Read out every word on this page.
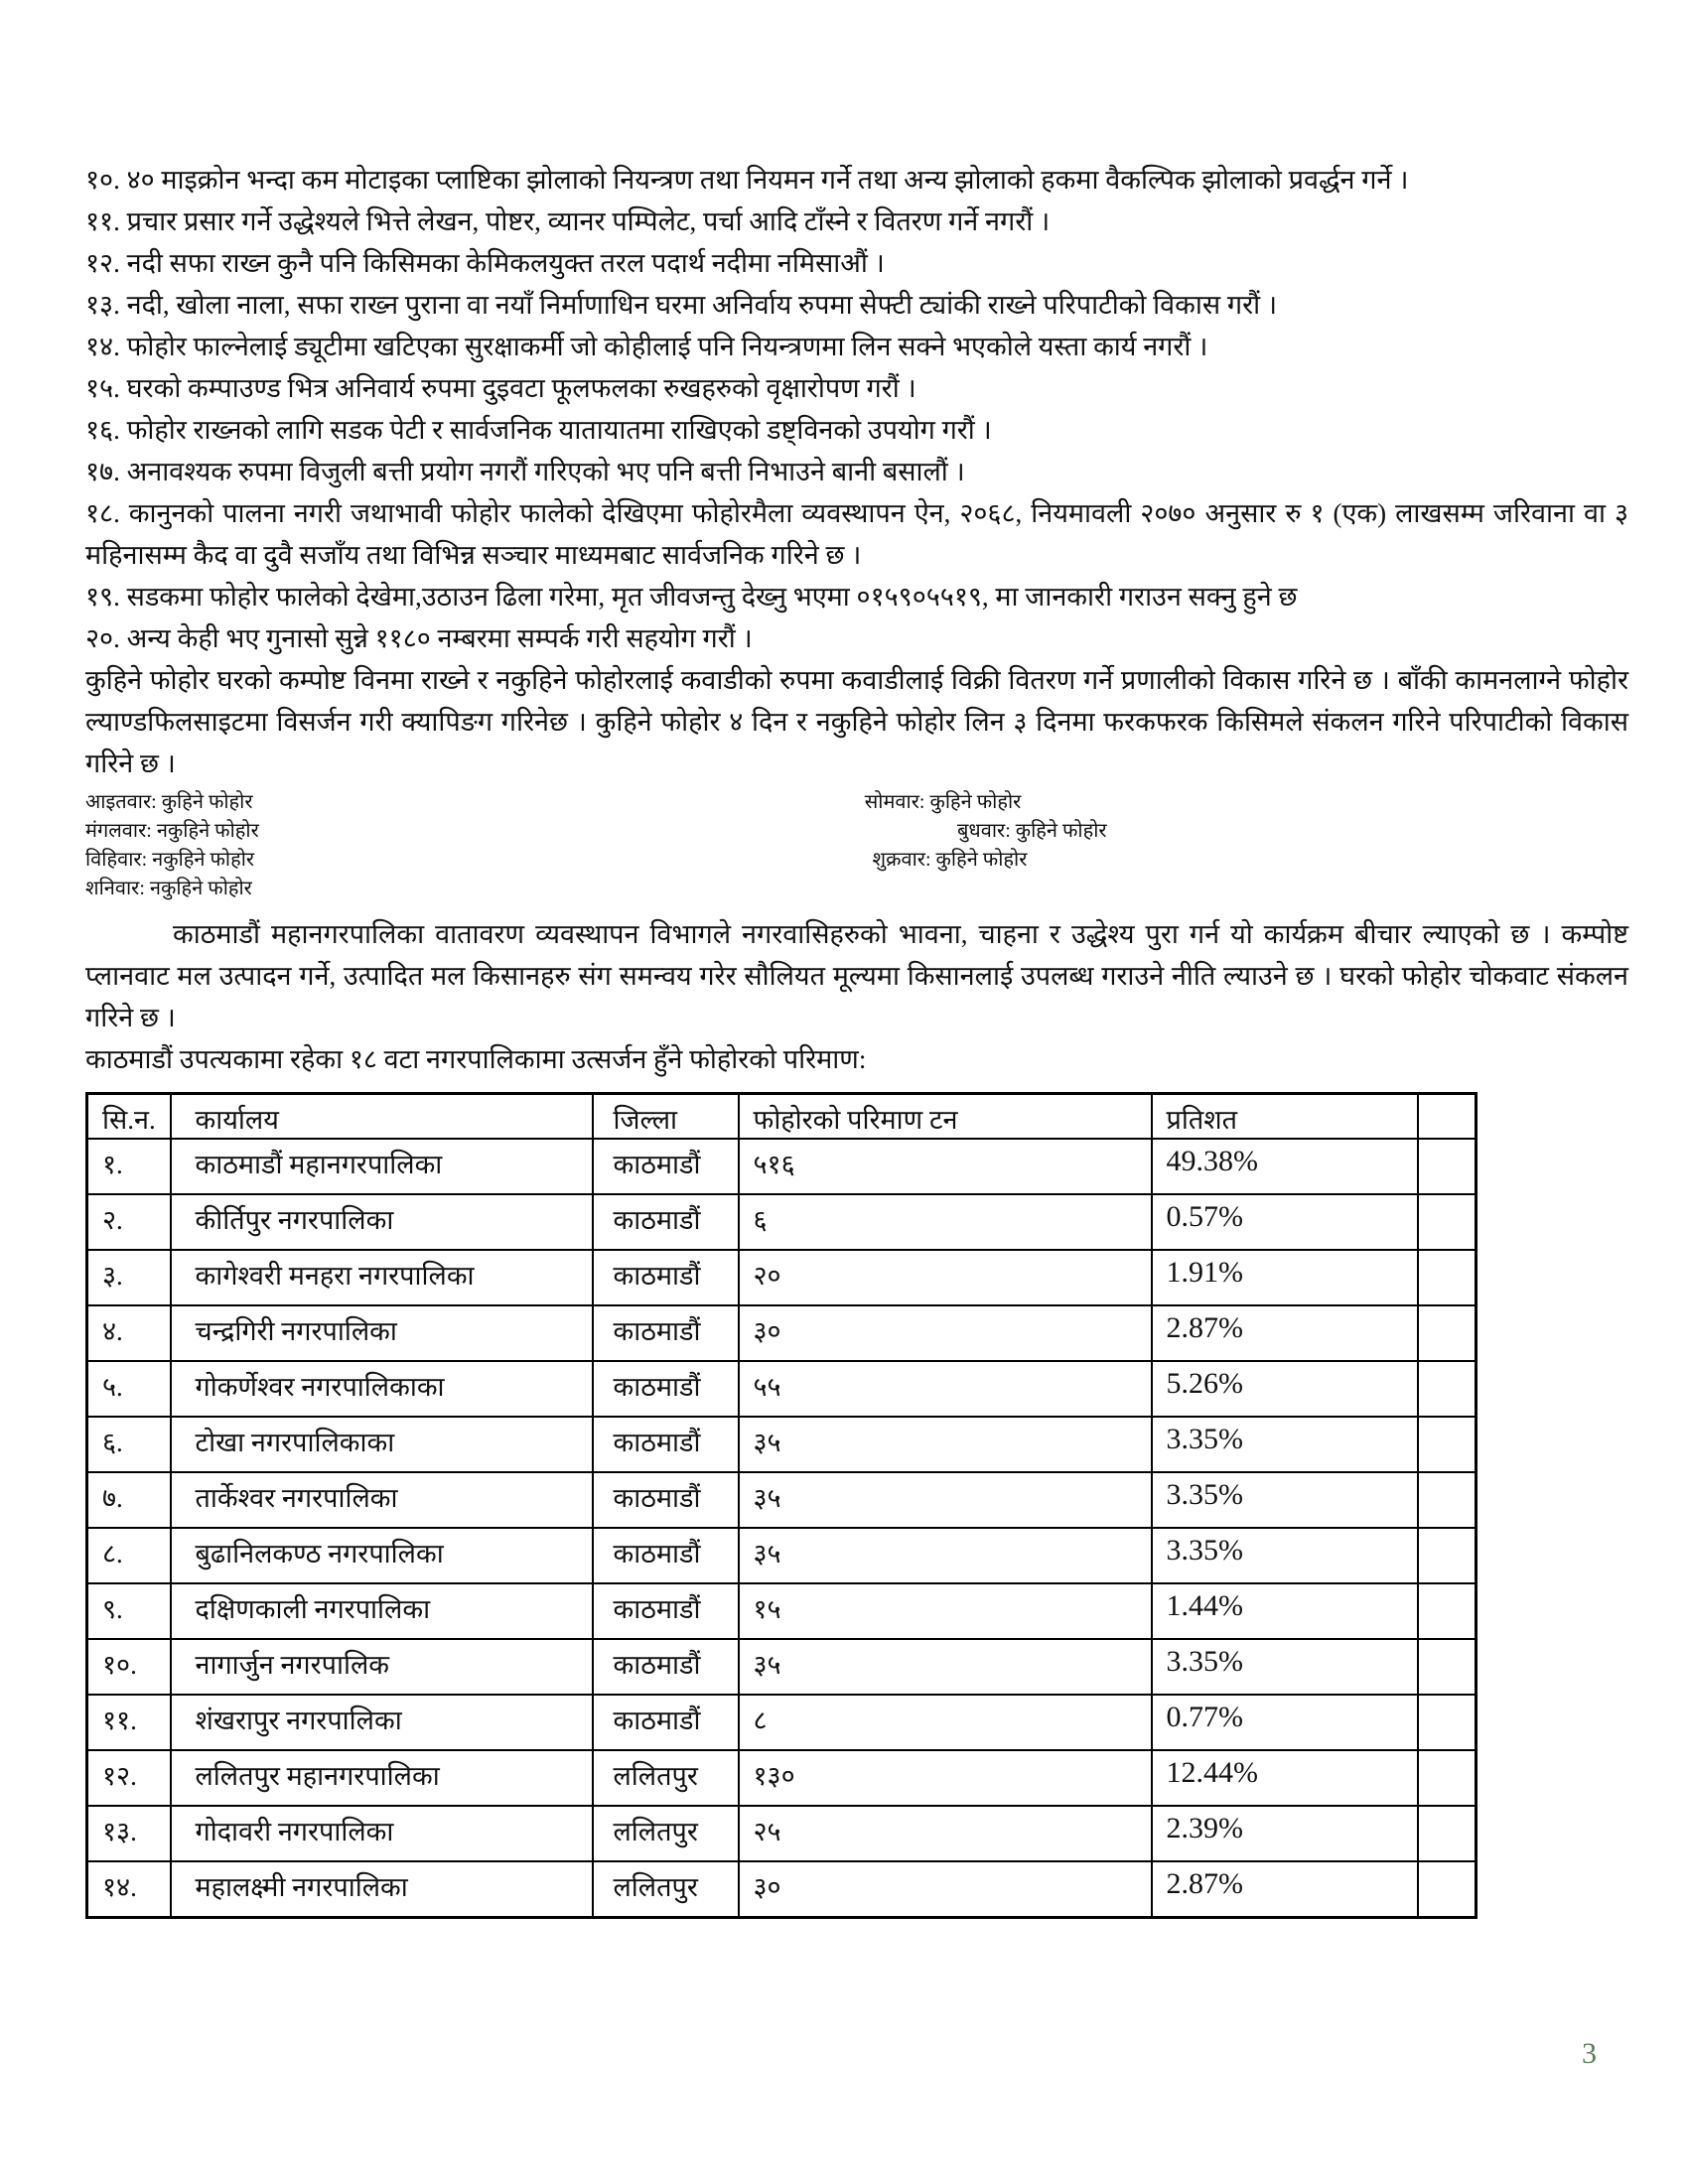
१०. ४० माइक्रोन भन्दा कम मोटाइका प्लाष्टिका झोलाको नियन्त्रण तथा नियमन गर्ने तथा अन्य झोलाको हकमा वैकल्पिक झोलाको प्रवर्द्धन गर्ने ।

११. प्रचार प्रसार गर्ने उद्धेश्यले भित्ते लेखन, पोष्टर, व्यानर पम्पिलेट, पर्चा आदि टाँस्ने र वितरण गर्ने नगरौं ।

१२. नदी सफा राख्न कुनै पनि किसिमका केमिकलयुक्त तरल पदार्थ नदीमा नमिसाऔं ।

१३. नदी, खोला नाला, सफा राख्न पुराना वा नयाँ निर्माणाधिन घरमा अनिर्वाय रुपमा सेफ्टी ट्यांकी राख्ने परिपाटीको विकास गरौं ।

१४. फोहोर फाल्नेलाई ड्यूटीमा खटिएका सुरक्षाकर्मी जो कोहीलाई पनि नियन्त्रणमा लिन सक्ने भएकोले यस्ता कार्य नगरौं ।

१५. घरको कम्पाउण्ड भित्र अनिवार्य रुपमा दुइवटा फूलफलका रुखहरुको वृक्षारोपण गरौं ।

१६. फोहोर राख्नको लागि सडक पेटी र सार्वजनिक यातायातमा राखिएको डष्ट्विनको उपयोग गरौं ।

१७. अनावश्यक रुपमा विजुली बत्ती प्रयोग नगरौं गरिएको भए पनि बत्ती निभाउने बानी बसालौं ।

१८. कानुनको पालना नगरी जथाभावी फोहोर फालेको देखिएमा फोहोरमैला व्यवस्थापन ऐन, २०६८, नियमावली २०७० अनुसार रु १ (एक) लाखसम्म जरिवाना वा ३ महिनासम्म कैद वा दुवै सजाँय तथा विभिन्न सञ्चार माध्यमबाट सार्वजनिक गरिने छ ।

१९. सडकमा फोहोर फालेको देखेमा,उठाउन ढिला गरेमा, मृत जीवजन्तु देख्नु भएमा ०१५९०५५१९, मा जानकारी गराउन सक्नु हुने छ

२०. अन्य केही भए गुनासो सुन्ने ११८० नम्बरमा सम्पर्क गरी सहयोग गरौं ।

कुहिने फोहोर घरको कम्पोष्ट विनमा राख्ने र नकुहिने फोहोरलाई कवाडीको रुपमा कवाडीलाई विक्री वितरण गर्ने प्रणालीको विकास गरिने छ । बाँकी कामनलाग्ने फोहोर ल्याण्डफिलसाइटमा विसर्जन गरी क्यापिङग गरिनेछ । कुहिने फोहोर ४ दिन र नकुहिने फोहोर लिन ३ दिनमा फरकफरक किसिमले संकलन गरिने परिपाटीको विकास गरिने छ ।

आइतवार: कुहिने फोहोर	सोमवार: कुहिने फोहोर
मंगलवार: नकुहिने फोहोर	बुधवार: कुहिने फोहोर
विहिवार: नकुहिने फोहोर	शुक्रवार: कुहिने फोहोर
शनिवार: नकुहिने फोहोर

काठमाडौं महानगरपालिका वातावरण व्यवस्थापन विभागले नगरवासिहरुको भावना, चाहना र उद्धेश्य पुरा गर्न यो कार्यक्रम बीचार ल्याएको छ । कम्पोष्ट प्लानवाट मल उत्पादन गर्ने, उत्पादित मल किसानहरु संग समन्वय गरेर सौलियत मूल्यमा किसानलाई उपलब्ध गराउने नीति ल्याउने छ । घरको फोहोर चोकवाट संकलन गरिने छ ।

काठमाडौं उपत्यकामा रहेका १८ वटा नगरपालिकामा उत्सर्जन हुँने फोहोरको परिमाण:

सि.न.	कार्यालय	जिल्ला	फोहोरको परिमाण टन	प्रतिशत	
१.	काठमाडौं महानगरपालिका	काठमाडौं	५१६	49.38%	
२.	कीर्तिपुर नगरपालिका	काठमाडौं	६	0.57%	
३.	कागेश्वरी मनहरा नगरपालिका	काठमाडौं	२०	1.91%	
४.	चन्द्रगिरी नगरपालिका	काठमाडौं	३०	2.87%	
५.	गोकर्णेश्वर नगरपालिकाका	काठमाडौं	५५	5.26%	
६.	टोखा नगरपालिकाका	काठमाडौं	३५	3.35%	
७.	तार्केश्वर नगरपालिका	काठमाडौं	३५	3.35%	
८.	बुढानिलकण्ठ नगरपालिका	काठमाडौं	३५	3.35%	
९.	दक्षिणकाली नगरपालिका	काठमाडौं	१५	1.44%	
१०.	नागार्जुन नगरपालिक	काठमाडौं	३५	3.35%	
११.	शंखरापुर नगरपालिका	काठमाडौं	८	0.77%	
१२.	ललितपुर महानगरपालिका	ललितपुर	१३०	12.44%	
१३.	गोदावरी नगरपालिका	ललितपुर	२५	2.39%	
१४.	महालक्ष्मी नगरपालिका	ललितपुर	३०	2.87%	
3
